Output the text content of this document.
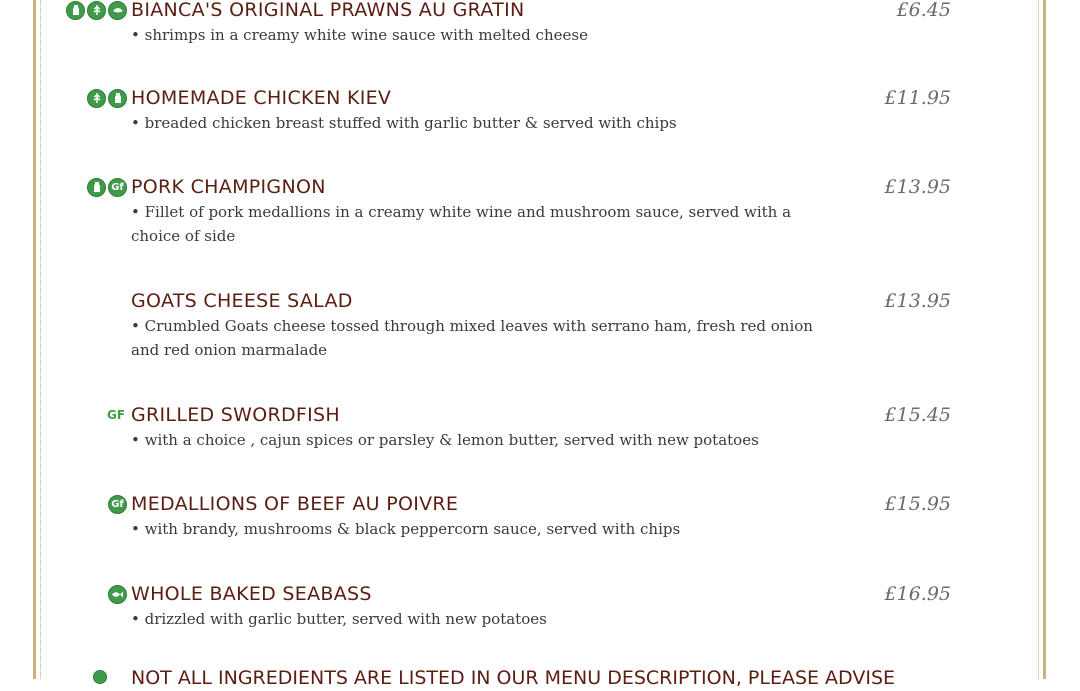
BIANCA'S ORIGINAL PRAWNS AU GRATIN	£6.45
• shrimps in a creamy white wine sauce with melted cheese
HOMEMADE CHICKEN KIEV	£11.95
• breaded chicken breast stuffed with garlic butter & served with chips
Gf PORK CHAMPIGNON	£13.95
• Fillet of pork medallions in a creamy white wine and mushroom sauce, served with a choice of side
GOATS CHEESE SALAD	£13.95
• Crumbled Goats cheese tossed through mixed leaves with serrano ham, fresh red onion and red onion marmalade
GF GRILLED SWORDFISH	£15.45
• with a choice , cajun spices or parsley & lemon butter, served with new potatoes
Gf MEDALLIONS OF BEEF AU POIVRE	£15.95
• with brandy, mushrooms & black peppercorn sauce, served with chips
WHOLE BAKED SEABASS	£16.95
• drizzled with garlic butter, served with new potatoes
NOT ALL INGREDIENTS ARE LISTED IN OUR MENU DESCRIPTION, PLEASE ADVISE
